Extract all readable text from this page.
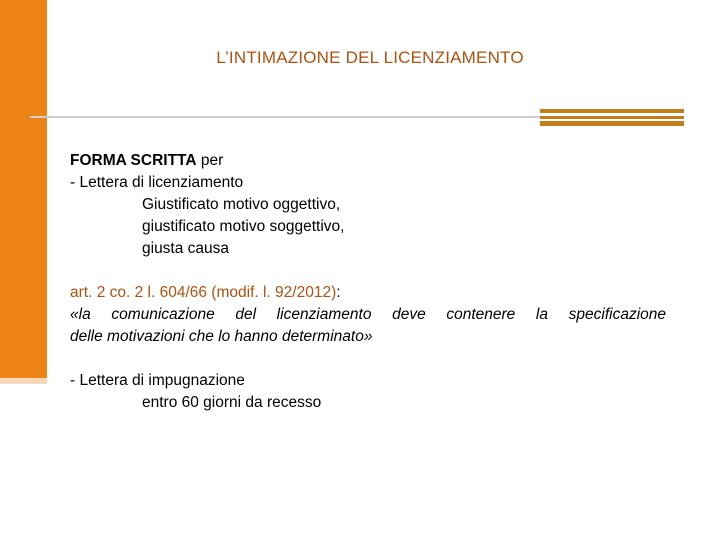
L’INTIMAZIONE DEL LICENZIAMENTO
FORMA SCRITTA per
- Lettera di licenziamento
Giustificato motivo oggettivo,
giustificato motivo soggettivo,
giusta causa
art. 2 co. 2 l. 604/66 (modif. l. 92/2012):
«la comunicazione del licenziamento deve contenere la specificazione
delle motivazioni che lo hanno determinato»
- Lettera di impugnazione
entro 60 giorni da recesso
